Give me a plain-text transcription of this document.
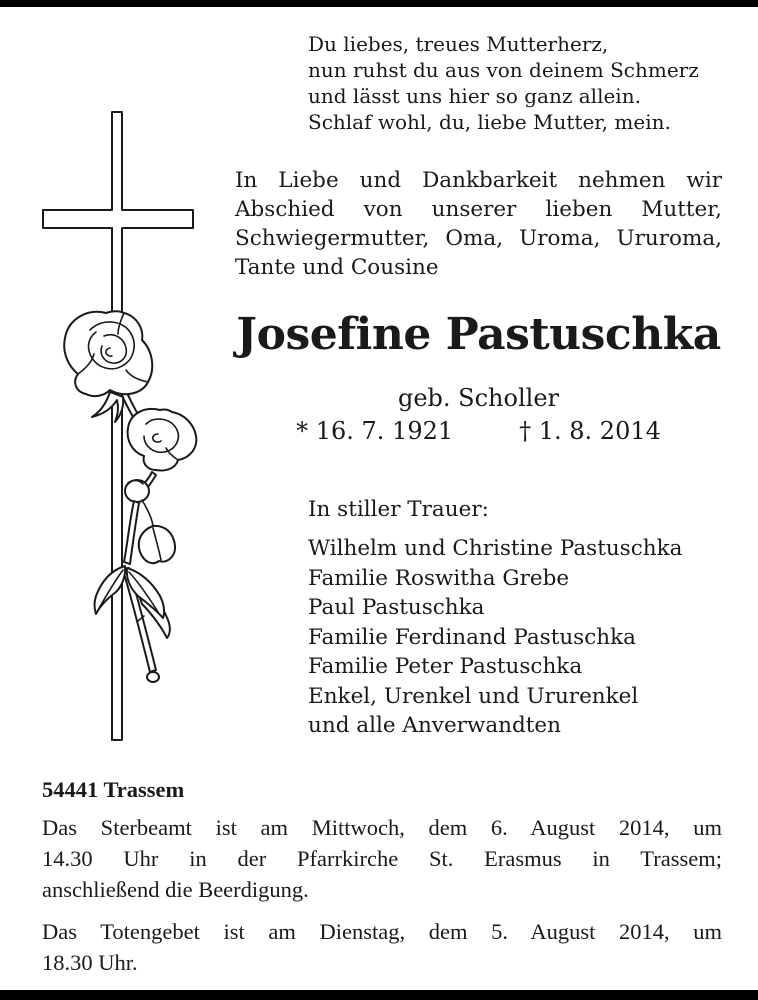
Du liebes, treues Mutterherz,
nun ruhst du aus von deinem Schmerz
und lässt uns hier so ganz allein.
Schlaf wohl, du, liebe Mutter, mein.
In Liebe und Dankbarkeit nehmen wir
Abschied von unserer lieben Mutter,
Schwiegermutter, Oma, Uroma, Ururoma,
Tante und Cousine
Josefine Pastuschka
geb. Scholler
* 16. 7. 1921	† 1. 8. 2014
In stiller Trauer:
Wilhelm und Christine Pastuschka
Familie Roswitha Grebe
Paul Pastuschka
Familie Ferdinand Pastuschka
Familie Peter Pastuschka
Enkel, Urenkel und Ururenkel
und alle Anverwandten
54441 Trassem
Das Sterbeamt ist am Mittwoch, dem 6. August 2014, um
14.30 Uhr in der Pfarrkirche St. Erasmus in Trassem;
anschließend die Beerdigung.
Das Totengebet ist am Dienstag, dem 5. August 2014, um
18.30 Uhr.
